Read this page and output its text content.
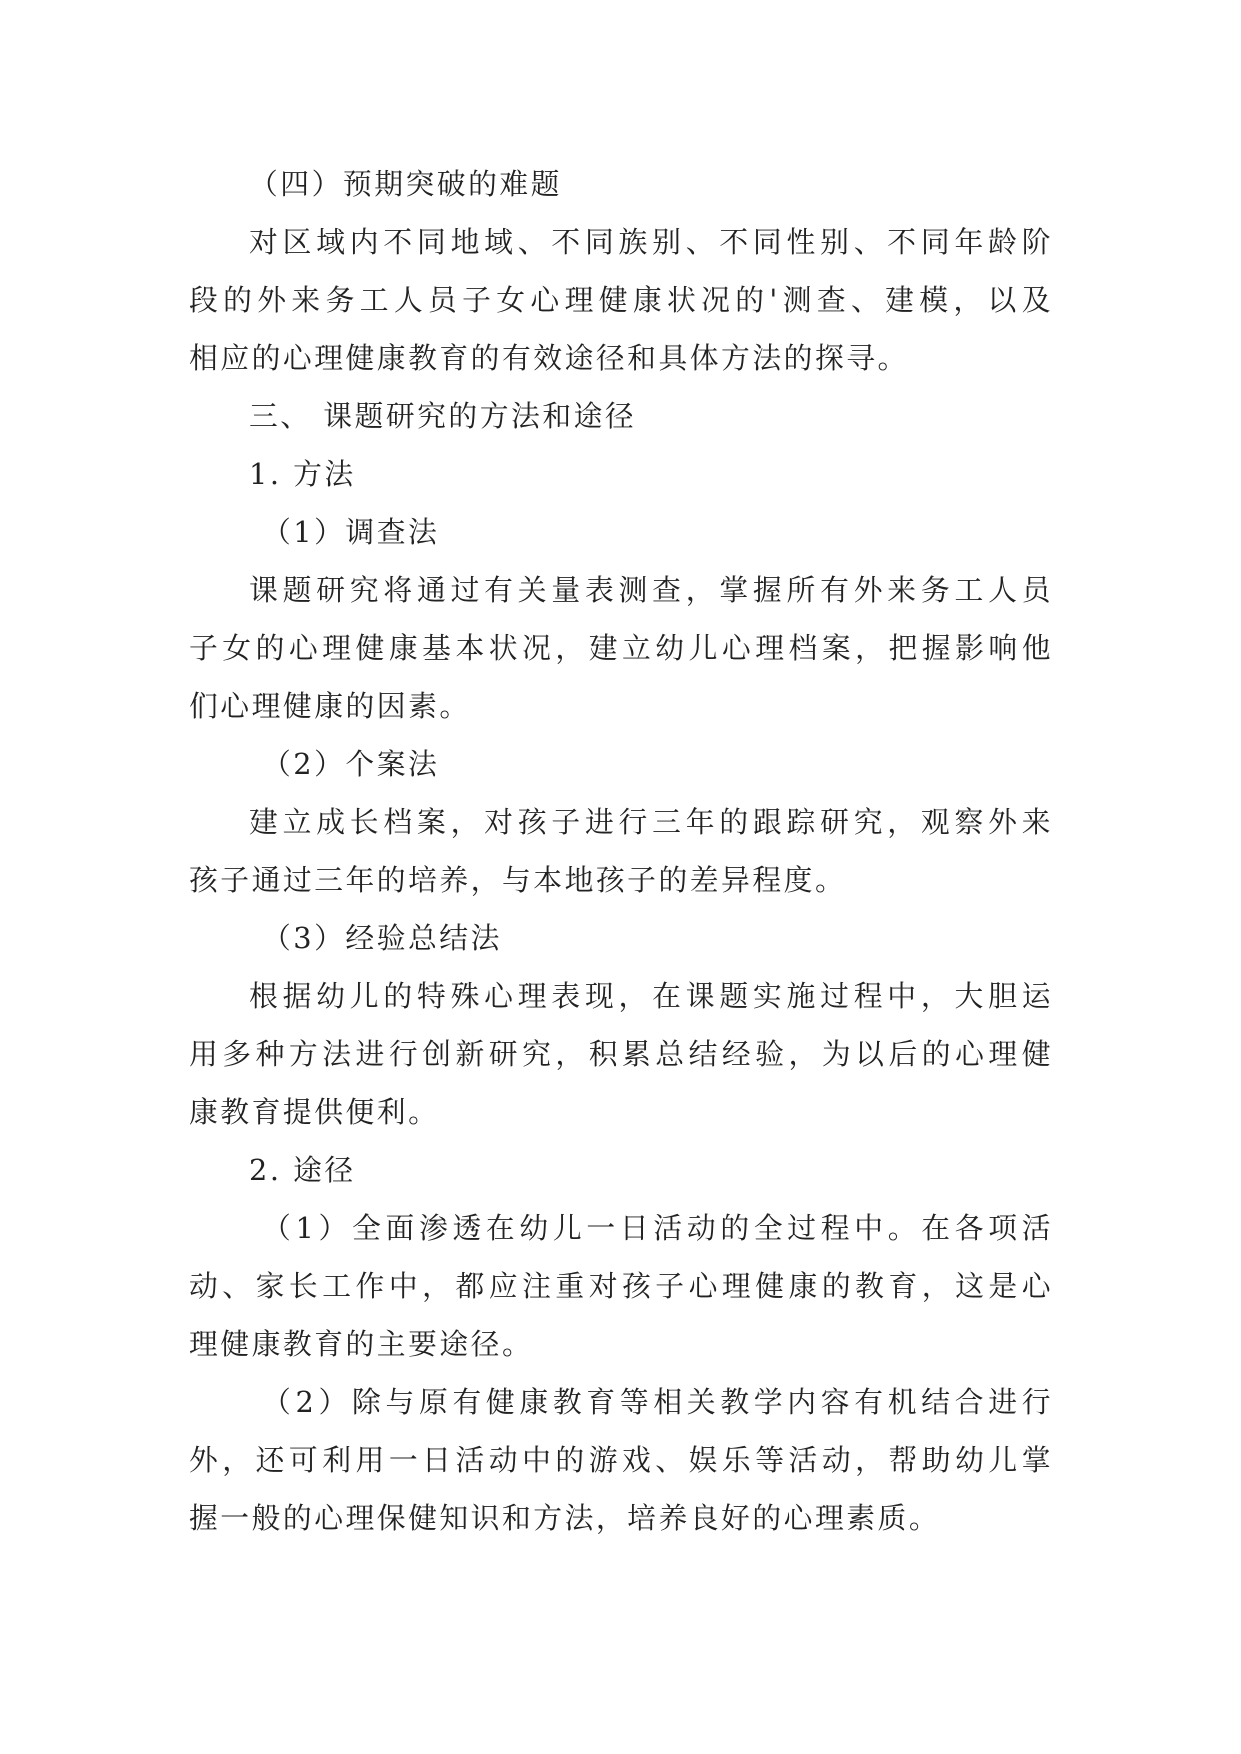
（四）预期突破的难题
对区域内不同地域、不同族别、不同性别、不同年龄阶
段的外来务工人员子女心理健康状况的'测查、建模，以及
相应的心理健康教育的有效途径和具体方法的探寻。
三、 课题研究的方法和途径
1. 方法
（1）调查法
课题研究将通过有关量表测查，掌握所有外来务工人员
子女的心理健康基本状况，建立幼儿心理档案，把握影响他
们心理健康的因素。
（2）个案法
建立成长档案，对孩子进行三年的跟踪研究，观察外来
孩子通过三年的培养，与本地孩子的差异程度。
（3）经验总结法
根据幼儿的特殊心理表现，在课题实施过程中，大胆运
用多种方法进行创新研究，积累总结经验，为以后的心理健
康教育提供便利。
2. 途径
（1）全面渗透在幼儿一日活动的全过程中。在各项活
动、家长工作中，都应注重对孩子心理健康的教育，这是心
理健康教育的主要途径。
（2）除与原有健康教育等相关教学内容有机结合进行
外，还可利用一日活动中的游戏、娱乐等活动，帮助幼儿掌
握一般的心理保健知识和方法，培养良好的心理素质。
